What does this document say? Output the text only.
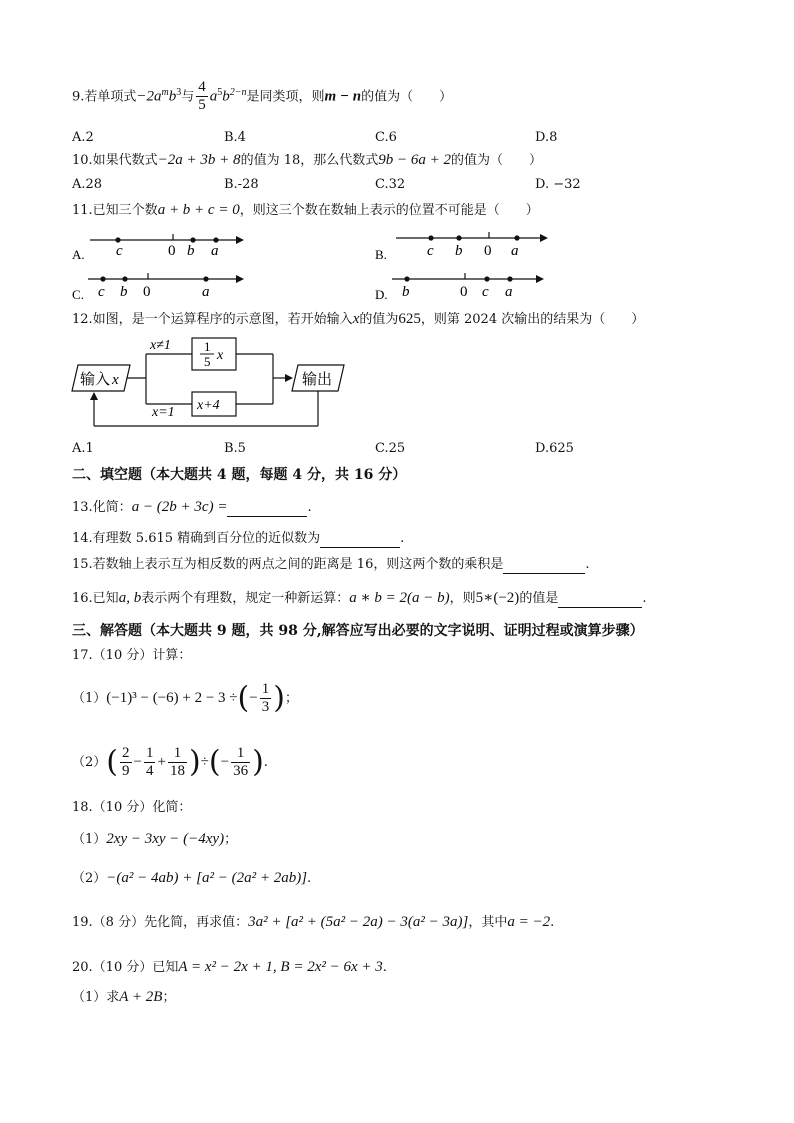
9.若单项式$-2a^mb^3$与 $\frac{4}{5} a^5b^{2-n}$是同类项，则m − n的值为（　　）
A.2	B.4	C.6	D.8
10.如果代数式−2a + 3b + 8的值为 18，那么代数式9b − 6a + 2的值为（　　）
A.28	B.-28	C.32	D. −32
11.已知三个数a + b + c = 0，则这三个数在数轴上表示的位置不可能是（　　）
A. c	0 b a	B.	c b 0 a
C. c b 0	a	D. b	0 c a
12.如图，是一个运算程序的示意图，若开始输入x的值为625，则第 2024 次输出的结果为（　　）
输入 x
x≠1
x=1
1
5 x
x+4
输出
A.1	B.5	C.25	D.625
二、填空题（本大题共 4 题，每题 4 分，共 16 分）
13.化简：a − (2b + 3c) =	.
14.有理数 5.615 精确到百分位的近似数为	.
15.若数轴上表示互为相反数的两点之间的距离是 16，则这两个数的乘积是	.
16.已知a, b表示两个有理数，规定一种新运算：a ∗ b = 2(a − b)，则5∗(−2)的值是	.
三、解答题（本大题共 9 题，共 98 分,解答应写出必要的文字说明、证明过程或演算步骤）
17.（10 分）计算：
（1）(−1)³ − (−6) + 2 − 3 ÷(− $\frac{1}{3}$ )；
$(2)( \frac{2}{9} - \frac{1}{4} + \frac{1}{18}$ )÷(− $\frac{1}{36}$ ).
18.（10 分）化简：
（1）2xy − 3xy − (−4xy)；
（2）−(a² − 4ab) + [a² − (2a² + 2ab)].
19.（8 分）先化简，再求值：3a² + [a² + (5a² − 2a) − 3(a² − 3a)]，其中a = −2.
20.（10 分）已知A = x² − 2x + 1, B = 2x² − 6x + 3.
（1）求A + 2B；
